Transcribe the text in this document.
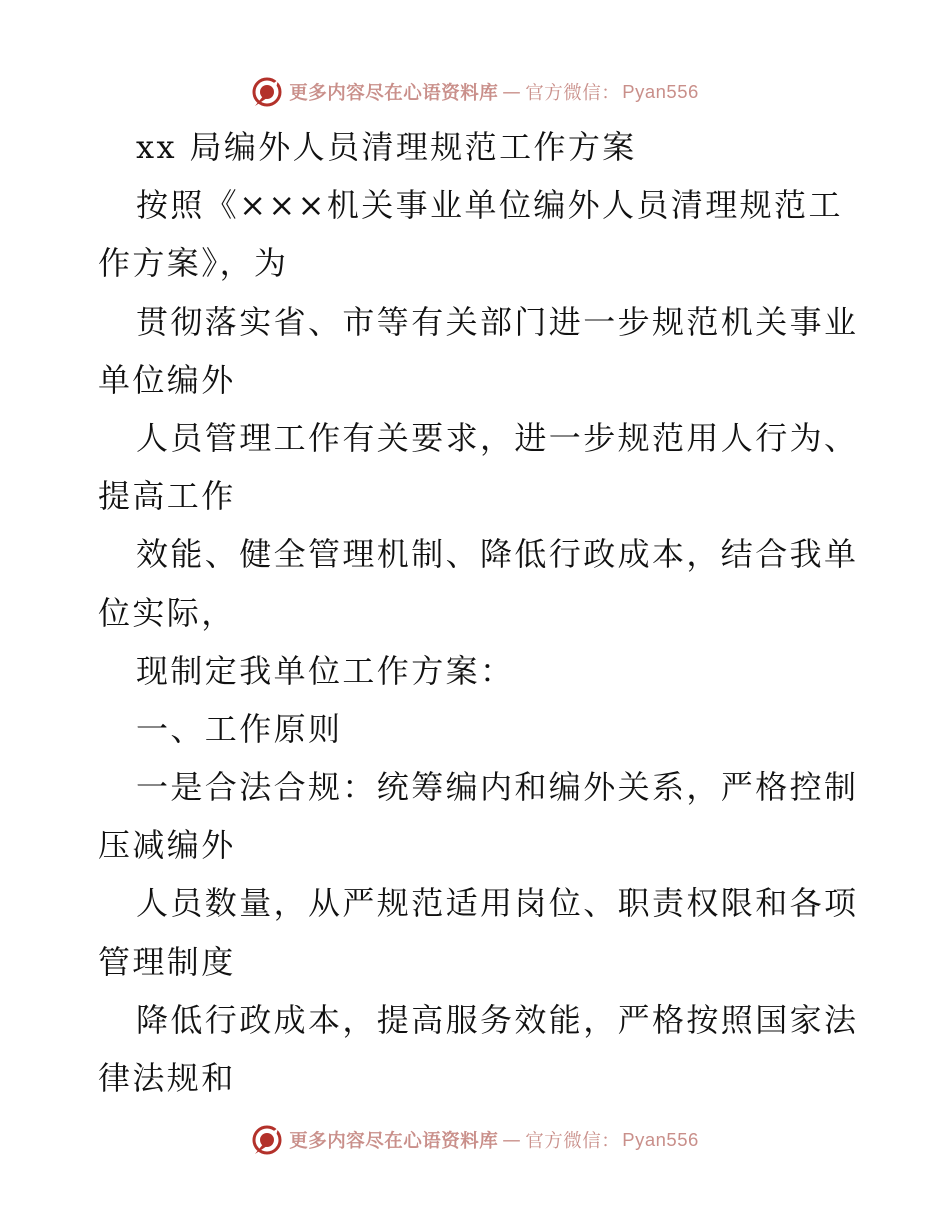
更多内容尽在心语资料库 — 官方微信： Pyan556
xx 局编外人员清理规范工作方案
按照《×××机关事业单位编外人员清理规范工
作方案》，为
贯彻落实省、市等有关部门进一步规范机关事业
单位编外
人员管理工作有关要求，进一步规范用人行为、
提高工作
效能、健全管理机制、降低行政成本，结合我单
位实际，
现制定我单位工作方案：
一、工作原则
一是合法合规：统筹编内和编外关系，严格控制
压减编外
人员数量，从严规范适用岗位、职责权限和各项
管理制度
降低行政成本，提高服务效能，严格按照国家法
律法规和
更多内容尽在心语资料库 — 官方微信： Pyan556
